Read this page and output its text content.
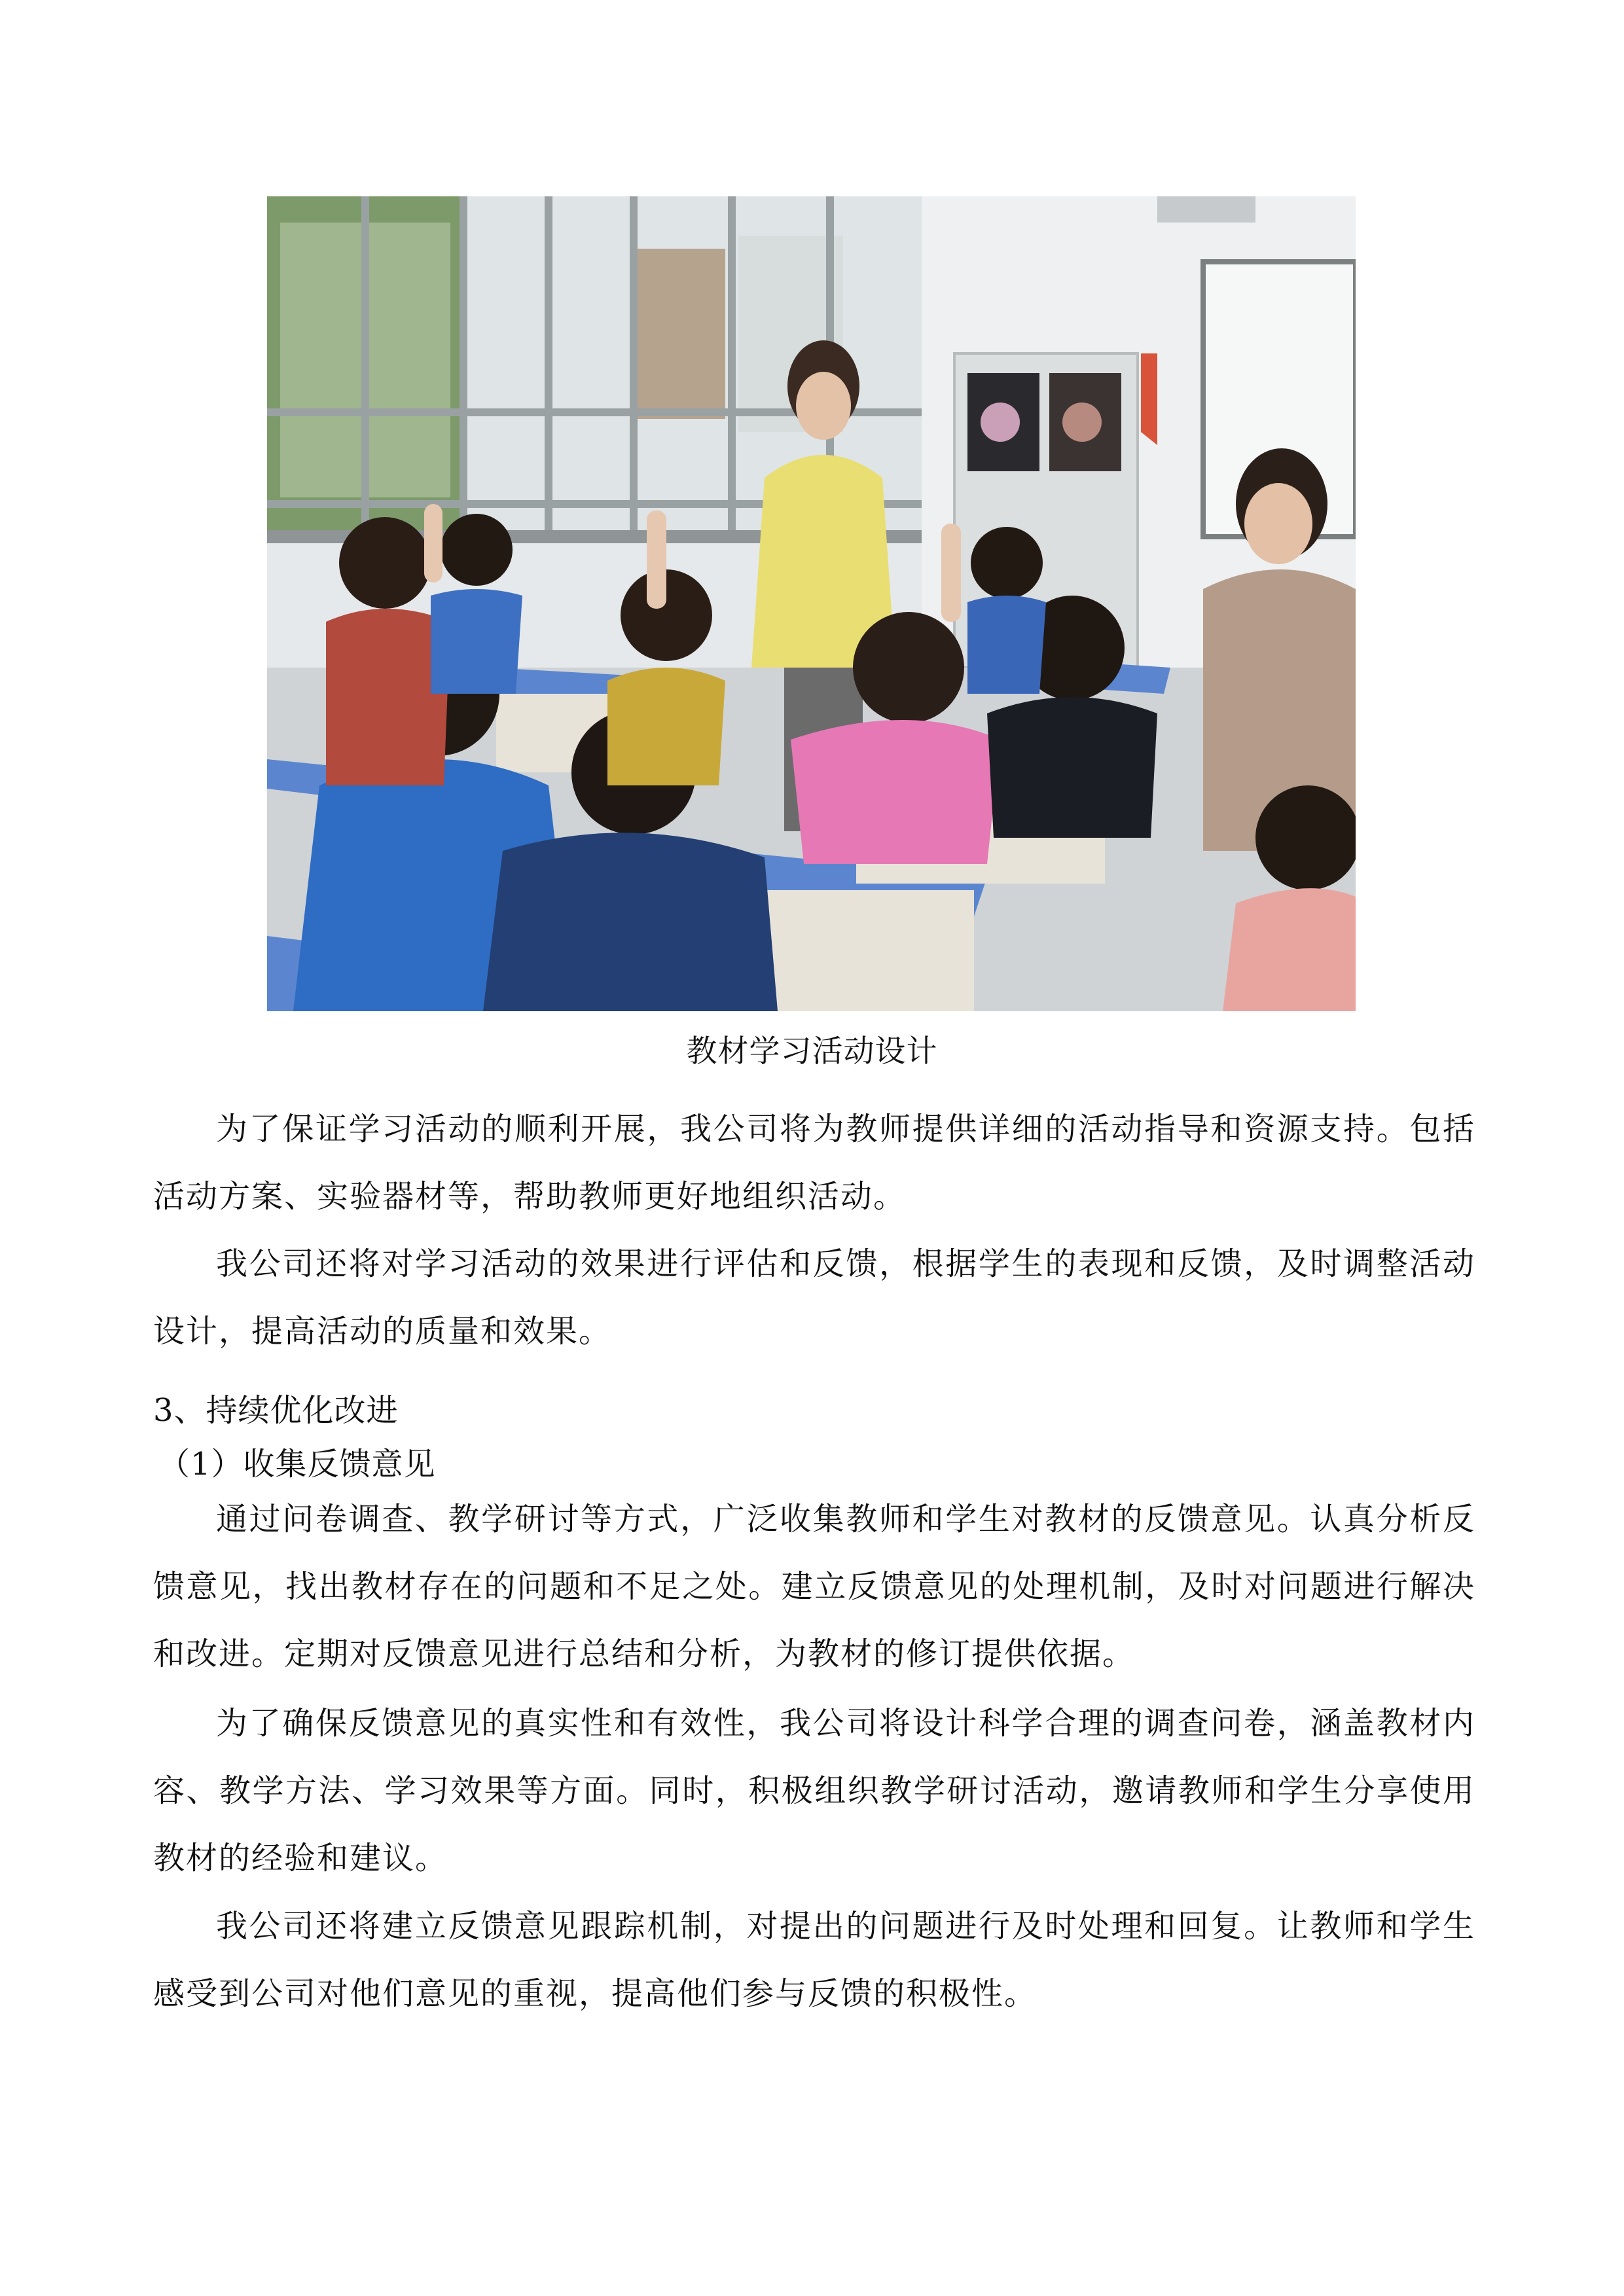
教材学习活动设计

为了保证学习活动的顺利开展，我公司将为教师提供详细的活动指导和资源支持。包括活动方案、实验器材等，帮助教师更好地组织活动。

我公司还将对学习活动的效果进行评估和反馈，根据学生的表现和反馈，及时调整活动设计，提高活动的质量和效果。

3、持续优化改进
（1）收集反馈意见

通过问卷调查、教学研讨等方式，广泛收集教师和学生对教材的反馈意见。认真分析反馈意见，找出教材存在的问题和不足之处。建立反馈意见的处理机制，及时对问题进行解决和改进。定期对反馈意见进行总结和分析，为教材的修订提供依据。

为了确保反馈意见的真实性和有效性，我公司将设计科学合理的调查问卷，涵盖教材内容、教学方法、学习效果等方面。同时，积极组织教学研讨活动，邀请教师和学生分享使用教材的经验和建议。

我公司还将建立反馈意见跟踪机制，对提出的问题进行及时处理和回复。让教师和学生感受到公司对他们意见的重视，提高他们参与反馈的积极性。
